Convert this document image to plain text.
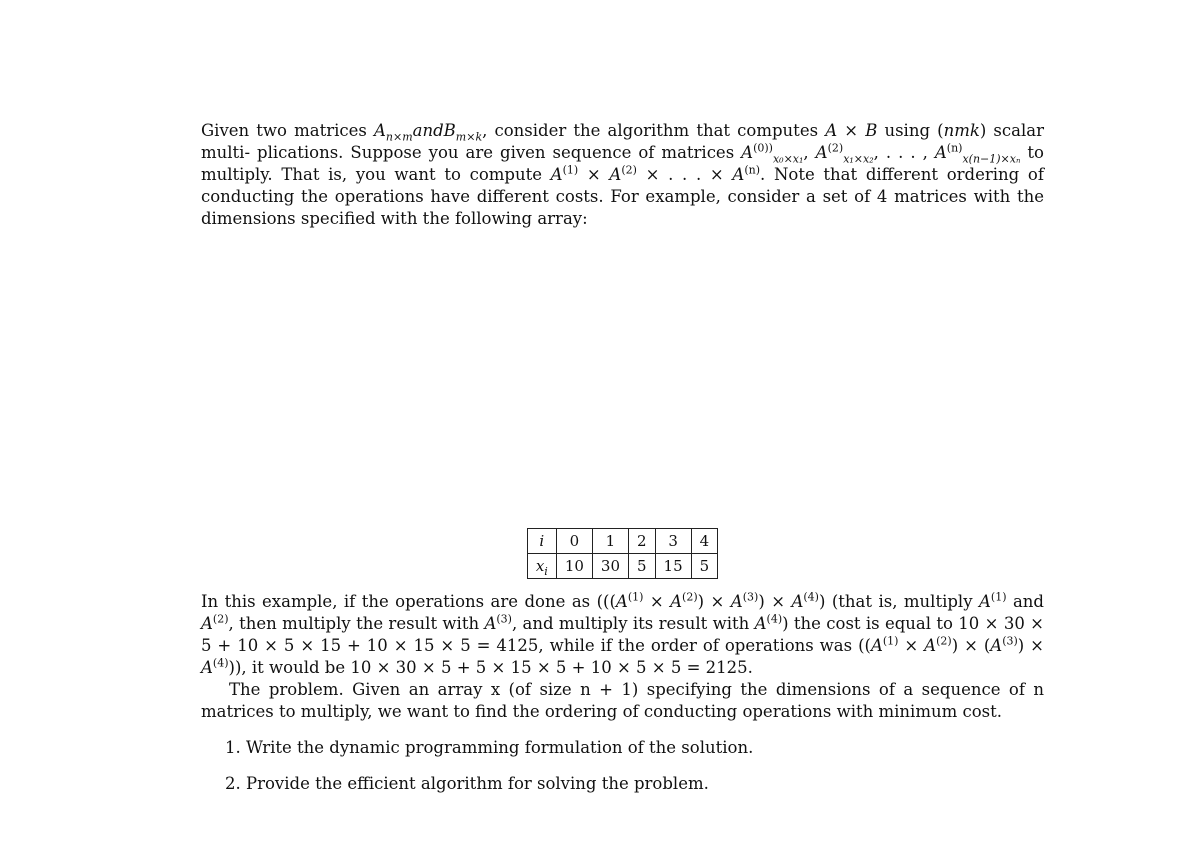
Given two matrices $A_{n\times m}andB_{m\times k}$, consider the algorithm that computes A × B using (nmk) scalar multi- plications. Suppose you are given sequence of matrices $A^{(0))}_{x_0\times x_1}$, $A^{(2)}_{x_1\times x_2}$, . . . , $A^{(n)}_{x(n-1)\times x_n}$ to multiply. That is, you want to compute $A^{(1)} \times A^{(2)}$ × . . . × $A^{(n)}$. Note that different ordering of conducting the operations have different costs. For example, consider a set of 4 matrices with the dimensions specified with the following array:

i	0	1	2	3	4
$x_i$	10	30	5	15	5

In this example, if the operations are done as $(((A^{(1)} \times A^{(2)}) \times A^{(3)}) \times A^{(4)})$ (that is, multiply $A^{(1)}$ and $A^{(2)}$, then multiply the result with $A^{(3)}$, and multiply its result with $A^{(4)}$) the cost is equal to 10 × 30 × 5 + 10 × 5 × 15 + 10 × 15 × 5 = 4125, while if the order of operations was $((A^{(1)} \times A^{(2)}) \times (A^{(3)}) \times A^{(4)})$), it would be 10 × 30 × 5 + 5 × 15 × 5 + 10 × 5 × 5 = 2125.

The problem. Given an array x (of size n + 1) specifying the dimensions of a sequence of n matrices to multiply, we want to find the ordering of conducting operations with minimum cost.

1. Write the dynamic programming formulation of the solution.
2. Provide the efficient algorithm for solving the problem.
